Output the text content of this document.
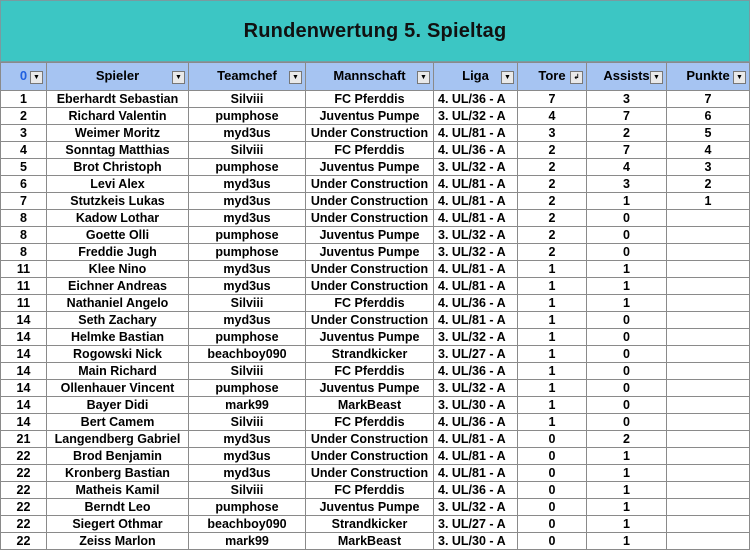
Rundenwertung 5. Spieltag
0 ▼	Spieler ▼	Teamchef ▼	Mannschaft ▼	Liga ▼	Tore ↲	Assists ▼	Punkte ▼

1	Eberhardt Sebastian	Silviii	FC Pferddis	4. UL/36 - A	7	3	7
2	Richard Valentin	pumphose	Juventus Pumpe	3. UL/32 - A	4	7	6
3	Weimer Moritz	myd3us	Under Construction	4. UL/81 - A	3	2	5
4	Sonntag Matthias	Silviii	FC Pferddis	4. UL/36 - A	2	7	4
5	Brot Christoph	pumphose	Juventus Pumpe	3. UL/32 - A	2	4	3
6	Levi Alex	myd3us	Under Construction	4. UL/81 - A	2	3	2
7	Stutzkeis Lukas	myd3us	Under Construction	4. UL/81 - A	2	1	1
8	Kadow Lothar	myd3us	Under Construction	4. UL/81 - A	2	0	
8	Goette Olli	pumphose	Juventus Pumpe	3. UL/32 - A	2	0	
8	Freddie Jugh	pumphose	Juventus Pumpe	3. UL/32 - A	2	0	
11	Klee Nino	myd3us	Under Construction	4. UL/81 - A	1	1	
11	Eichner Andreas	myd3us	Under Construction	4. UL/81 - A	1	1	
11	Nathaniel Angelo	Silviii	FC Pferddis	4. UL/36 - A	1	1	
14	Seth Zachary	myd3us	Under Construction	4. UL/81 - A	1	0	
14	Helmke Bastian	pumphose	Juventus Pumpe	3. UL/32 - A	1	0	
14	Rogowski Nick	beachboy090	Strandkicker	3. UL/27 - A	1	0	
14	Main Richard	Silviii	FC Pferddis	4. UL/36 - A	1	0	
14	Ollenhauer Vincent	pumphose	Juventus Pumpe	3. UL/32 - A	1	0	
14	Bayer Didi	mark99	MarkBeast	3. UL/30 - A	1	0	
14	Bert Camem	Silviii	FC Pferddis	4. UL/36 - A	1	0	
21	Langendberg Gabriel	myd3us	Under Construction	4. UL/81 - A	0	2	
22	Brod Benjamin	myd3us	Under Construction	4. UL/81 - A	0	1	
22	Kronberg Bastian	myd3us	Under Construction	4. UL/81 - A	0	1	
22	Matheis Kamil	Silviii	FC Pferddis	4. UL/36 - A	0	1	
22	Berndt Leo	pumphose	Juventus Pumpe	3. UL/32 - A	0	1	
22	Siegert Othmar	beachboy090	Strandkicker	3. UL/27 - A	0	1	
22	Zeiss Marlon	mark99	MarkBeast	3. UL/30 - A	0	1	
